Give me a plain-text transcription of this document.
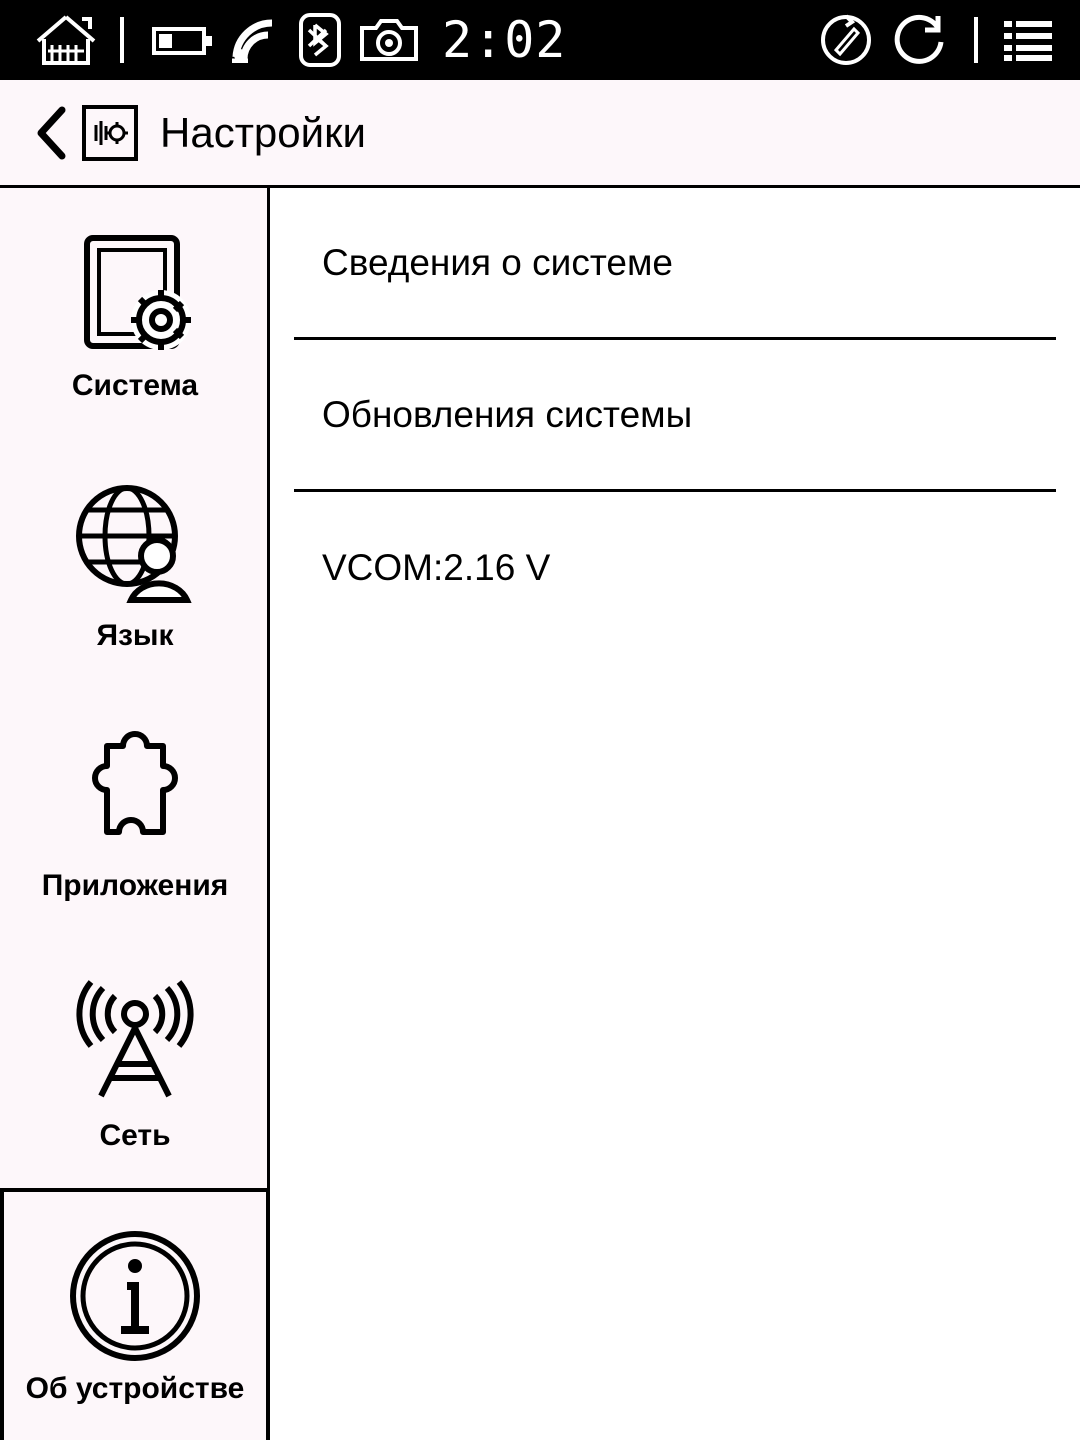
2:02
Настройки
Система
Язык
Приложения
Сеть
Об устройстве
Сведения о системе
Обновления системы
VCOM:2.16 V
